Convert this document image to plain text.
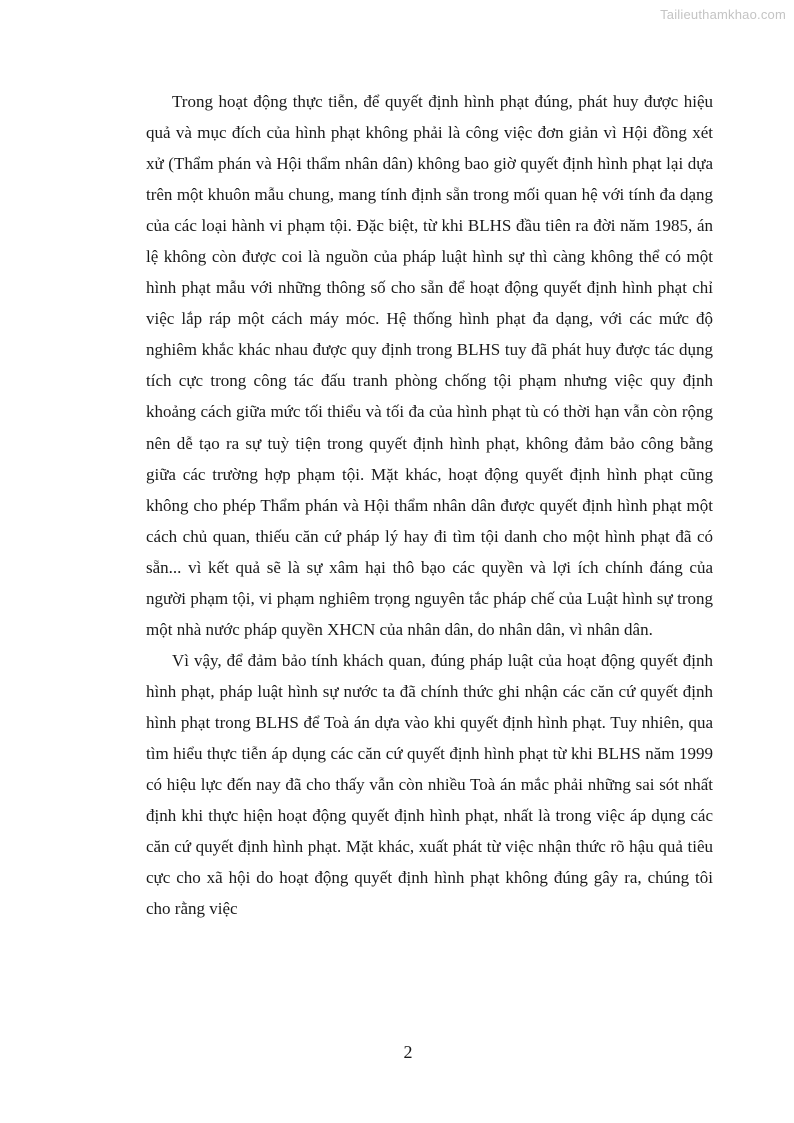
Tailieuthamkhao.com

Trong hoạt động thực tiễn, để quyết định hình phạt đúng, phát huy được hiệu quả và mục đích của hình phạt không phải là công việc đơn giản vì Hội đồng xét xử (Thẩm phán và Hội thẩm nhân dân) không bao giờ quyết định hình phạt lại dựa trên một khuôn mẫu chung, mang tính định sẵn trong mối quan hệ với tính đa dạng của các loại hành vi phạm tội. Đặc biệt, từ khi BLHS đầu tiên ra đời năm 1985, án lệ không còn được coi là nguồn của pháp luật hình sự thì càng không thể có một hình phạt mẫu với những thông số cho sẵn để hoạt động quyết định hình phạt chỉ việc lắp ráp một cách máy móc. Hệ thống hình phạt đa dạng, với các mức độ nghiêm khắc khác nhau được quy định trong BLHS tuy đã phát huy được tác dụng tích cực trong công tác đấu tranh phòng chống tội phạm nhưng việc quy định khoảng cách giữa mức tối thiểu và tối đa của hình phạt tù có thời hạn vẫn còn rộng nên dễ tạo ra sự tuỳ tiện trong quyết định hình phạt, không đảm bảo công bằng giữa các trường hợp phạm tội. Mặt khác, hoạt động quyết định hình phạt cũng không cho phép Thẩm phán và Hội thẩm nhân dân được quyết định hình phạt một cách chủ quan, thiếu căn cứ pháp lý hay đi tìm tội danh cho một hình phạt đã có sẵn... vì kết quả sẽ là sự xâm hại thô bạo các quyền và lợi ích chính đáng của người phạm tội, vi phạm nghiêm trọng nguyên tắc pháp chế của Luật hình sự trong một nhà nước pháp quyền XHCN của nhân dân, do nhân dân, vì nhân dân.

Vì vậy, để đảm bảo tính khách quan, đúng pháp luật của hoạt động quyết định hình phạt, pháp luật hình sự nước ta đã chính thức ghi nhận các căn cứ quyết định hình phạt trong BLHS để Toà án dựa vào khi quyết định hình phạt. Tuy nhiên, qua tìm hiểu thực tiễn áp dụng các căn cứ quyết định hình phạt từ khi BLHS năm 1999 có hiệu lực đến nay đã cho thấy vẫn còn nhiều Toà án mắc phải những sai sót nhất định khi thực hiện hoạt động quyết định hình phạt, nhất là trong việc áp dụng các căn cứ quyết định hình phạt. Mặt khác, xuất phát từ việc nhận thức rõ hậu quả tiêu cực cho xã hội do hoạt động quyết định hình phạt không đúng gây ra, chúng tôi cho rằng việc

2
